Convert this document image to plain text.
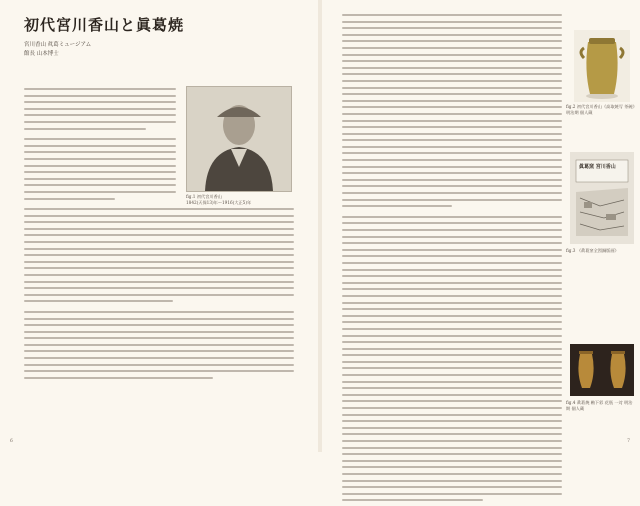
初代宮川香山と眞葛焼
宮川香山 眞葛ミュージアム
館長 山本博士
fig.1 初代宮川香山
1842(天保13)年〜1916(大正5)年
6
fig.2 初代宮川香山《高取焼写 茶碗》明治期 個人蔵
眞葛窯 宮川香山
fig.3 《眞葛窯全図銅版画》
fig.4 眞葛焼 釉下彩 花瓶 一対 明治期 個人蔵
7
